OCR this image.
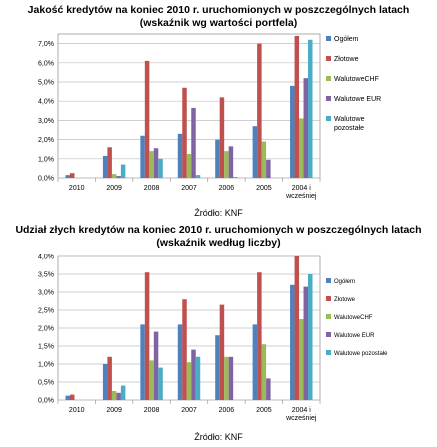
Jakość kredytów na koniec 2010 r. uruchomionych w poszczególnych latach
(wskaźnik wg wartości portfela)
0,0%
1,0%
2,0%
3,0%
4,0%
5,0%
6,0%
7,0%
2010	2009	2008	2007	2006	2005	2004 i
wcześniej
Ogółem
Złotowe
WalutoweCHF
Walutowe EUR
Walutowe
pozostałe
Źródło: KNF
Udział złych kredytów na koniec 2010 r. uruchomionych w poszczególnych latach
(wskaźnik według liczby)
0,0%
0,5%
1,0%
1,5%
2,0%
2,5%
3,0%
3,5%
4,0%
2010	2009	2008	2007	2006	2005	2004 i
wcześniej
Ogółem
Złotowe
WalutoweCHF
Walutowe EUR
Walutowe pozostałe
Źródło: KNF
